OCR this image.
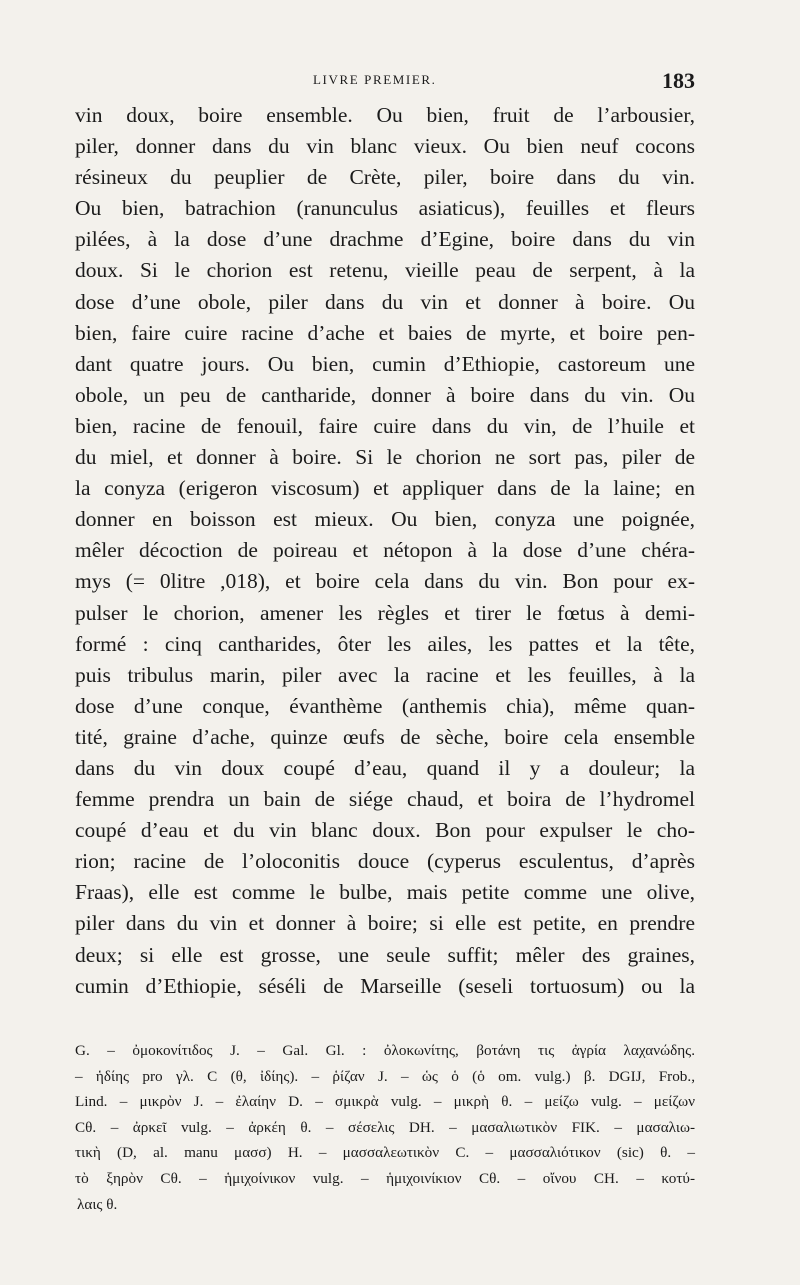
LIVRE PREMIER.	183
vin doux, boire ensemble. Ou bien, fruit de l’arbousier,
piler, donner dans du vin blanc vieux. Ou bien neuf cocons
résineux du peuplier de Crète, piler, boire dans du vin.
Ou bien, batrachion (ranunculus asiaticus), feuilles et fleurs
pilées, à la dose d’une drachme d’Egine, boire dans du vin
doux. Si le chorion est retenu, vieille peau de serpent, à la
dose d’une obole, piler dans du vin et donner à boire. Ou
bien, faire cuire racine d’ache et baies de myrte, et boire pen-
dant quatre jours. Ou bien, cumin d’Ethiopie, castoreum une
obole, un peu de cantharide, donner à boire dans du vin. Ou
bien, racine de fenouil, faire cuire dans du vin, de l’huile et
du miel, et donner à boire. Si le chorion ne sort pas, piler de
la conyza (erigeron viscosum) et appliquer dans de la laine; en
donner en boisson est mieux. Ou bien, conyza une poignée,
mêler décoction de poireau et nétopon à la dose d’une chéra-
mys (= 0litre ,018), et boire cela dans du vin. Bon pour ex-
pulser le chorion, amener les règles et tirer le fœtus à demi-
formé : cinq cantharides, ôter les ailes, les pattes et la tête,
puis tribulus marin, piler avec la racine et les feuilles, à la
dose d’une conque, évanthème (anthemis chia), même quan-
tité, graine d’ache, quinze œufs de sèche, boire cela ensemble
dans du vin doux coupé d’eau, quand il y a douleur; la
femme prendra un bain de siége chaud, et boira de l’hydromel
coupé d’eau et du vin blanc doux. Bon pour expulser le cho-
rion; racine de l’oloconitis douce (cyperus esculentus, d’après
Fraas), elle est comme le bulbe, mais petite comme une olive,
piler dans du vin et donner à boire; si elle est petite, en prendre
deux; si elle est grosse, une seule suffit; mêler des graines,
cumin d’Ethiopie, séséli de Marseille (seseli tortuosum) ou la
G. – ὀμοκονίτιδος J. – Gal. Gl. : ὀλοκωνίτης, βοτάνη τις ἀγρία λαχανώδης.
– ἡδίης pro γλ. C (θ, ἰδίης). – ῥίζαν J. – ὡς ὁ (ὁ om. vulg.) β. DGIJ, Frob.,
Lind. – μικρὸν J. – ἐλαίην D. – σμικρὰ vulg. – μικρὴ θ. – μείζω vulg. – μείζων
Cθ. – ἀρκεῖ vulg. – ἀρκέη θ. – σέσελις DH. – μασαλιωτικὸν FIK. – μασαλιω-
τικὴ (D, al. manu μασσ) H. – μασσαλεωτικὸν C. – μασσαλιότικον (sic) θ. –
τὸ ξηρὸν Cθ. – ἡμιχοίνικον vulg. – ἡμιχοινίκιον Cθ. – οἴνου CH. – κοτύ-
λαις θ.
